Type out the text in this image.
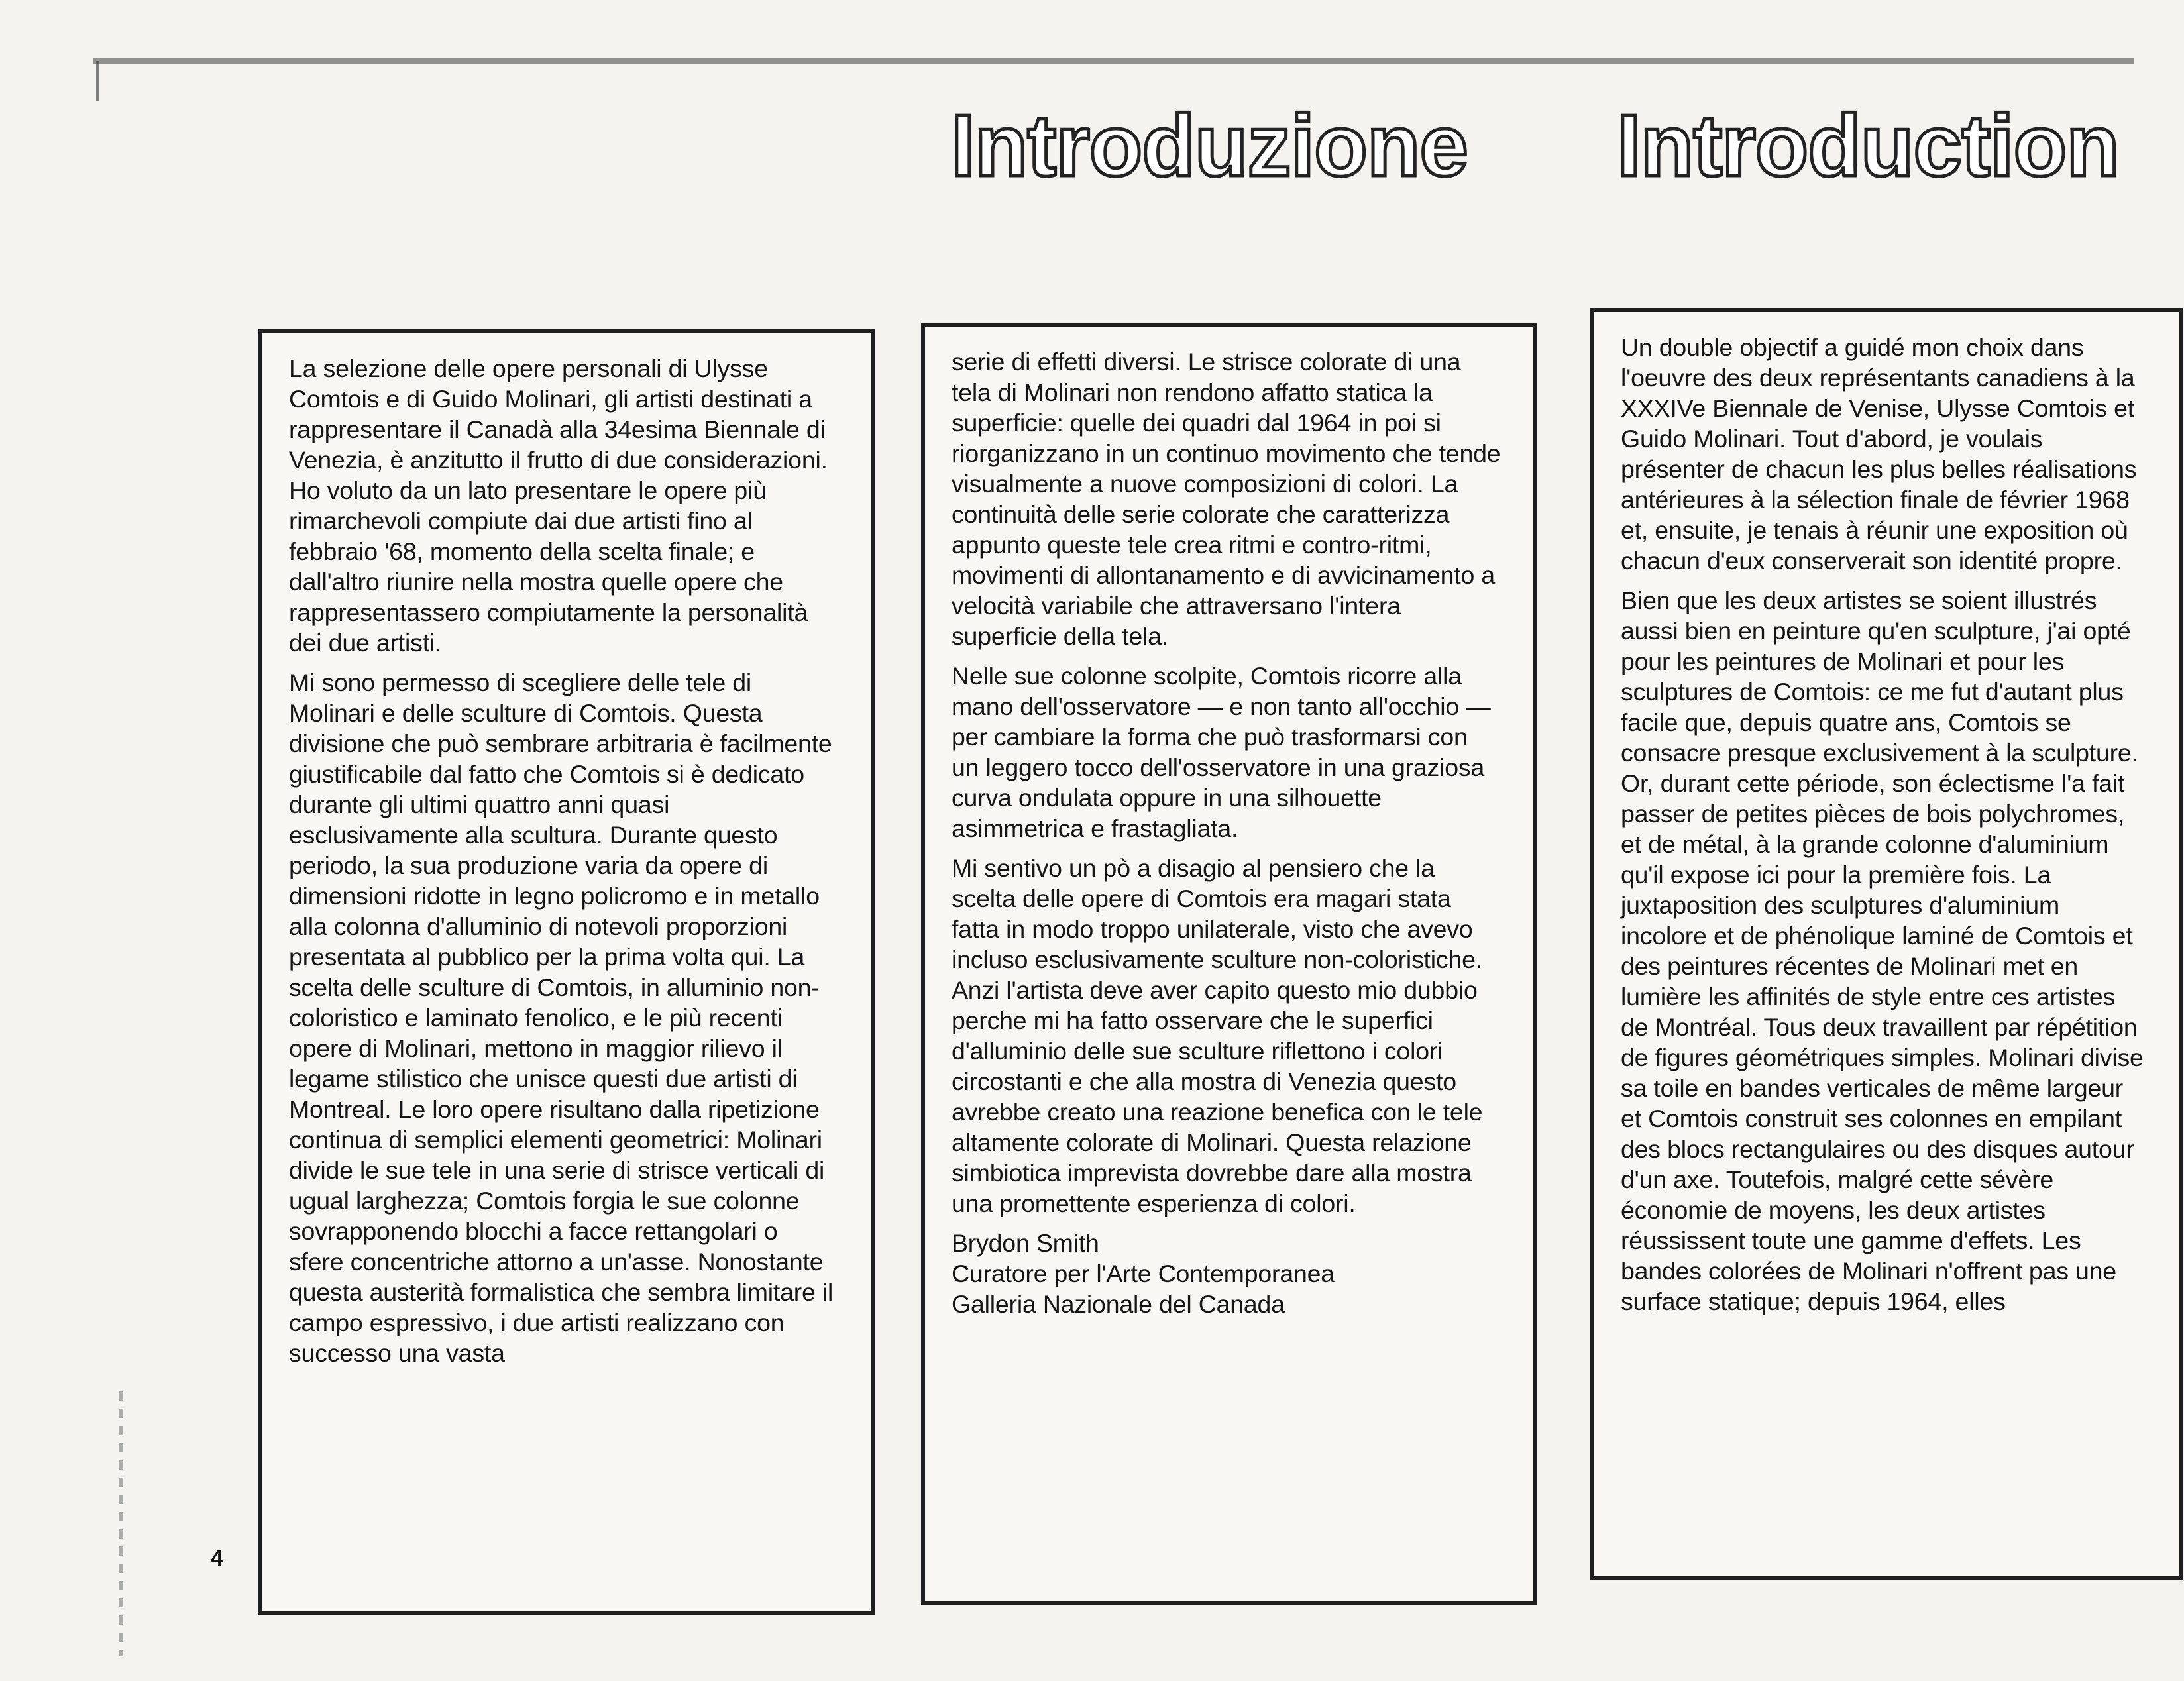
Introduzione Introduction

La selezione delle opere personali di Ulysse Comtois e di Guido Molinari, gli artisti destinati a rappresentare il Canadà alla 34esima Biennale di Venezia, è anzitutto il frutto di due considerazioni. Ho voluto da un lato presentare le opere più rimarchevoli compiute dai due artisti fino al febbraio '68, momento della scelta finale; e dall'altro riunire nella mostra quelle opere che rappresentassero compiutamente la personalità dei due artisti.

Mi sono permesso di scegliere delle tele di Molinari e delle sculture di Comtois. Questa divisione che può sembrare arbitraria è facilmente giustificabile dal fatto che Comtois si è dedicato durante gli ultimi quattro anni quasi esclusivamente alla scultura. Durante questo periodo, la sua produzione varia da opere di dimensioni ridotte in legno policromo e in metallo alla colonna d'alluminio di notevoli proporzioni presentata al pubblico per la prima volta qui. La scelta delle sculture di Comtois, in alluminio non-coloristico e laminato fenolico, e le più recenti opere di Molinari, mettono in maggior rilievo il legame stilistico che unisce questi due artisti di Montreal. Le loro opere risultano dalla ripetizione continua di semplici elementi geometrici: Molinari divide le sue tele in una serie di strisce verticali di ugual larghezza; Comtois forgia le sue colonne sovrapponendo blocchi a facce rettangolari o sfere concentriche attorno a un'asse. Nonostante questa austerità formalistica che sembra limitare il campo espressivo, i due artisti realizzano con successo una vasta

serie di effetti diversi. Le strisce colorate di una tela di Molinari non rendono affatto statica la superficie: quelle dei quadri dal 1964 in poi si riorganizzano in un continuo movimento che tende visualmente a nuove composizioni di colori. La continuità delle serie colorate che caratterizza appunto queste tele crea ritmi e contro-ritmi, movimenti di allontanamento e di avvicinamento a velocità variabile che attraversano l'intera superficie della tela.

Nelle sue colonne scolpite, Comtois ricorre alla mano dell'osservatore — e non tanto all'occhio — per cambiare la forma che può trasformarsi con un leggero tocco dell'osservatore in una graziosa curva ondulata oppure in una silhouette asimmetrica e frastagliata.

Mi sentivo un pò a disagio al pensiero che la scelta delle opere di Comtois era magari stata fatta in modo troppo unilaterale, visto che avevo incluso esclusivamente sculture non-coloristiche. Anzi l'artista deve aver capito questo mio dubbio perche mi ha fatto osservare che le superfici d'alluminio delle sue sculture riflettono i colori circostanti e che alla mostra di Venezia questo avrebbe creato una reazione benefica con le tele altamente colorate di Molinari. Questa relazione simbiotica imprevista dovrebbe dare alla mostra una promettente esperienza di colori.

Brydon Smith
Curatore per l'Arte Contemporanea
Galleria Nazionale del Canada

Un double objectif a guidé mon choix dans l'oeuvre des deux représentants canadiens à la XXXIVe Biennale de Venise, Ulysse Comtois et Guido Molinari. Tout d'abord, je voulais présenter de chacun les plus belles réalisations antérieures à la sélection finale de février 1968 et, ensuite, je tenais à réunir une exposition où chacun d'eux conserverait son identité propre.

Bien que les deux artistes se soient illustrés aussi bien en peinture qu'en sculpture, j'ai opté pour les peintures de Molinari et pour les sculptures de Comtois: ce me fut d'autant plus facile que, depuis quatre ans, Comtois se consacre presque exclusivement à la sculpture. Or, durant cette période, son éclectisme l'a fait passer de petites pièces de bois polychromes, et de métal, à la grande colonne d'aluminium qu'il expose ici pour la première fois. La juxtaposition des sculptures d'aluminium incolore et de phénolique laminé de Comtois et des peintures récentes de Molinari met en lumière les affinités de style entre ces artistes de Montréal. Tous deux travaillent par répétition de figures géométriques simples. Molinari divise sa toile en bandes verticales de même largeur et Comtois construit ses colonnes en empilant des blocs rectangulaires ou des disques autour d'un axe. Toutefois, malgré cette sévère économie de moyens, les deux artistes réussissent toute une gamme d'effets. Les bandes colorées de Molinari n'offrent pas une surface statique; depuis 1964, elles

4
